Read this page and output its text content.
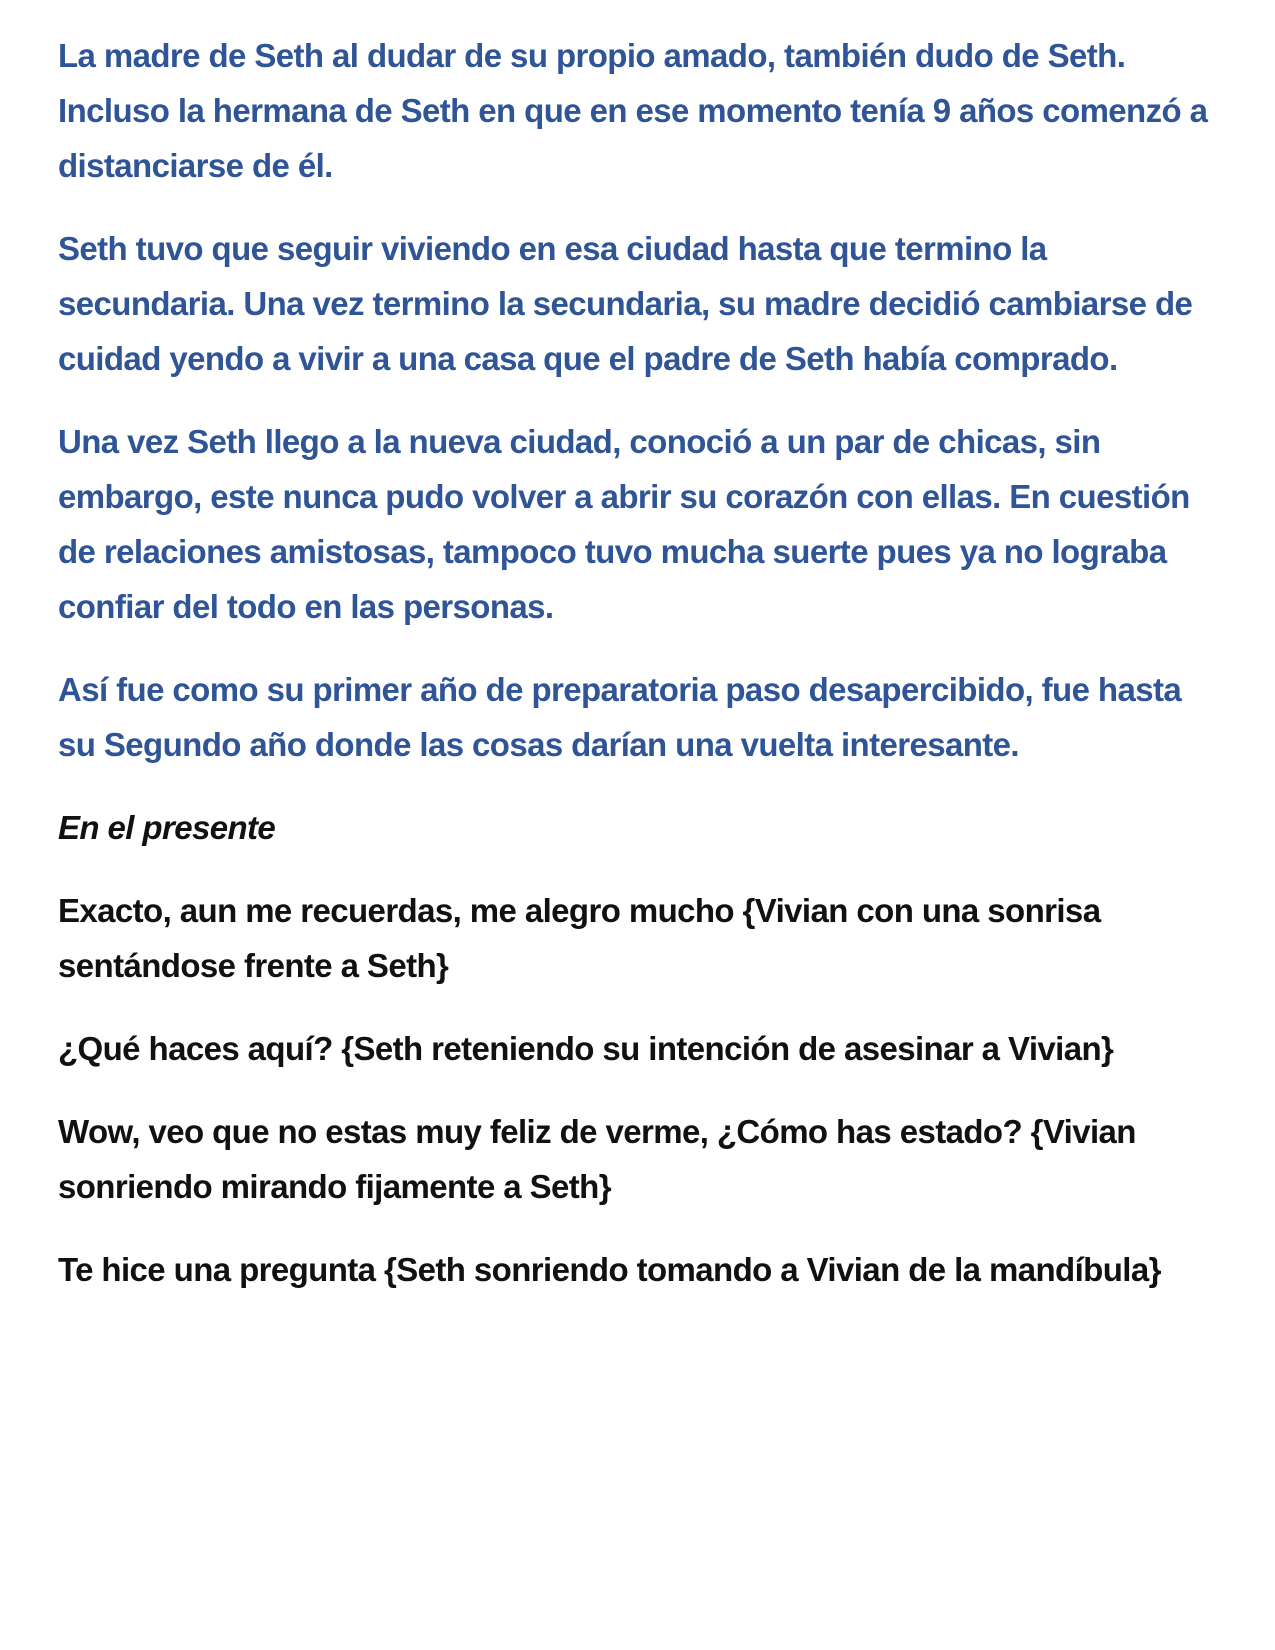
La madre de Seth al dudar de su propio amado, también dudo de Seth. Incluso la hermana de Seth en que en ese momento tenía 9 años comenzó a distanciarse de él.

Seth tuvo que seguir viviendo en esa ciudad hasta que termino la secundaria. Una vez termino la secundaria, su madre decidió cambiarse de cuidad yendo a vivir a una casa que el padre de Seth había comprado.

Una vez Seth llego a la nueva ciudad, conoció a un par de chicas, sin embargo, este nunca pudo volver a abrir su corazón con ellas. En cuestión de relaciones amistosas, tampoco tuvo mucha suerte pues ya no lograba confiar del todo en las personas.

Así fue como su primer año de preparatoria paso desapercibido, fue hasta su Segundo año donde las cosas darían una vuelta interesante.

En el presente

Exacto, aun me recuerdas, me alegro mucho {Vivian con una sonrisa sentándose frente a Seth}

¿Qué haces aquí? {Seth reteniendo su intención de asesinar a Vivian}

Wow, veo que no estas muy feliz de verme, ¿Cómo has estado? {Vivian sonriendo mirando fijamente a Seth}

Te hice una pregunta {Seth sonriendo tomando a Vivian de la mandíbula}
